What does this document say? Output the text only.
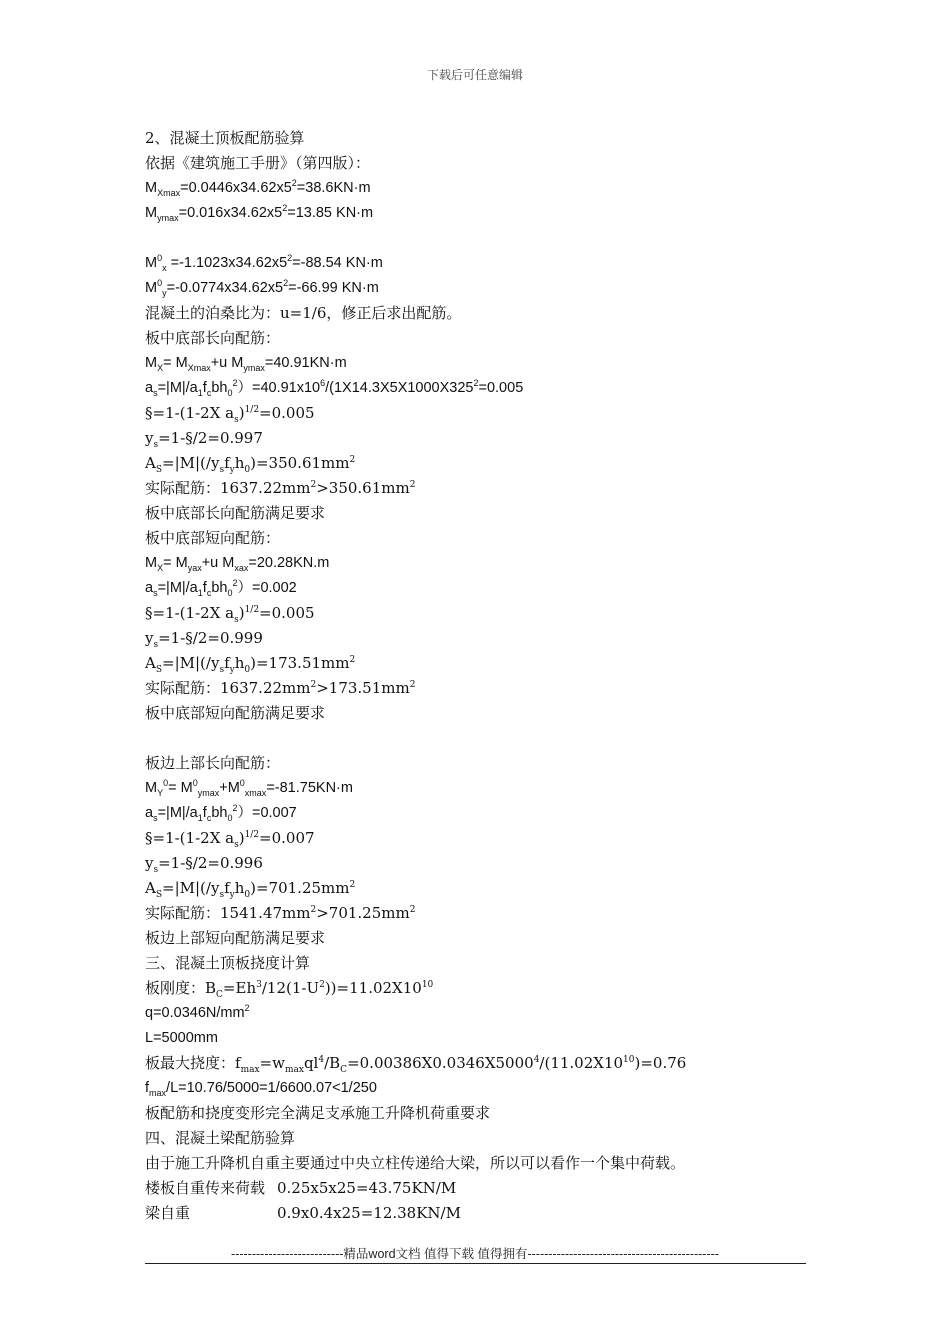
下载后可任意编辑
2、混凝土顶板配筋验算
依据《建筑施工手册》（第四版）：
$M_{Xmax}=0.0446x34.62x5^2=38.6KN\cdot m$
$M_{ymax}=0.016x34.62x5^2=13.85$ KN·m
$M^0_x =-1.1023x34.62x5^2=-88.54$ KN·m
$M^0_y=-0.0774x34.62x5^2=-66.99$ KN·m
混凝土的泊桑比为：u=1/6，修正后求出配筋。
板中底部长向配筋：
$M_X= M_{Xmax}+u$ $M_{ymax}=40.91KN\cdot m$
$a_s=|M|/a_1f_cbh_0^2)=40.91x10^6/(1X14.3X5X1000X325^2=0.005$
§=1-(1-2X $a_s)^{1/2}=0.005$
$y_s=1-\S/2=0.997$
$A_S=|M|(/y_sf_yh_0)=350.61mm^2$
实际配筋：$1637.22mm^2>350.61mm^2$
板中底部长向配筋满足要求
板中底部短向配筋：
$M_X= M_{yax}+u$ $M_{xax}=20.28KN.m$
$a_s=|M|/a_1f_cbh_0^2)=0.002$
§=1-(1-2X $a_s)^{1/2}=0.005$
$y_s=1-\S/2=0.999$
$A_S=|M|(/y_sf_yh_0)=173.51mm^2$
实际配筋：$1637.22mm^2>173.51mm^2$
板中底部短向配筋满足要求
板边上部长向配筋：
$M_Y^0= M^0_{ymax}+M^0_{xmax}=-81.75KN\cdot m$
$a_s=|M|/a_1f_cbh_0^2)=0.007$
§=1-(1-2X $a_s)^{1/2}=0.007$
$y_s=1-\S/2=0.996$
$A_S=|M|(/y_sf_yh_0)=701.25mm^2$
实际配筋：$1541.47mm^2>701.25mm^2$
板边上部短向配筋满足要求
三、混凝土顶板挠度计算
板刚度：$B_C=Eh^3/12(1-U^2))=11.02X10^{10}$
$q=0.0346N/mm^2$
L=5000mm
板最大挠度：$f_{max}=w_{max}ql^4/B_C=0.00386X0.0346X5000^4/(11.02X10^{10})=0.76$
$f_{max}/L=10.76/5000=1/6600.07<1/250$
板配筋和挠度变形完全满足支承施工升降机荷重要求
四、混凝土梁配筋验算
由于施工升降机自重主要通过中央立柱传递给大梁，所以可以看作一个集中荷载。
楼板自重传来荷载 0.25x5x25=43.75KN/M
梁自重	0.9x0.4x25=12.38KN/M
---------------------------精品word文档 值得下载 值得拥有----------------------------------------------
